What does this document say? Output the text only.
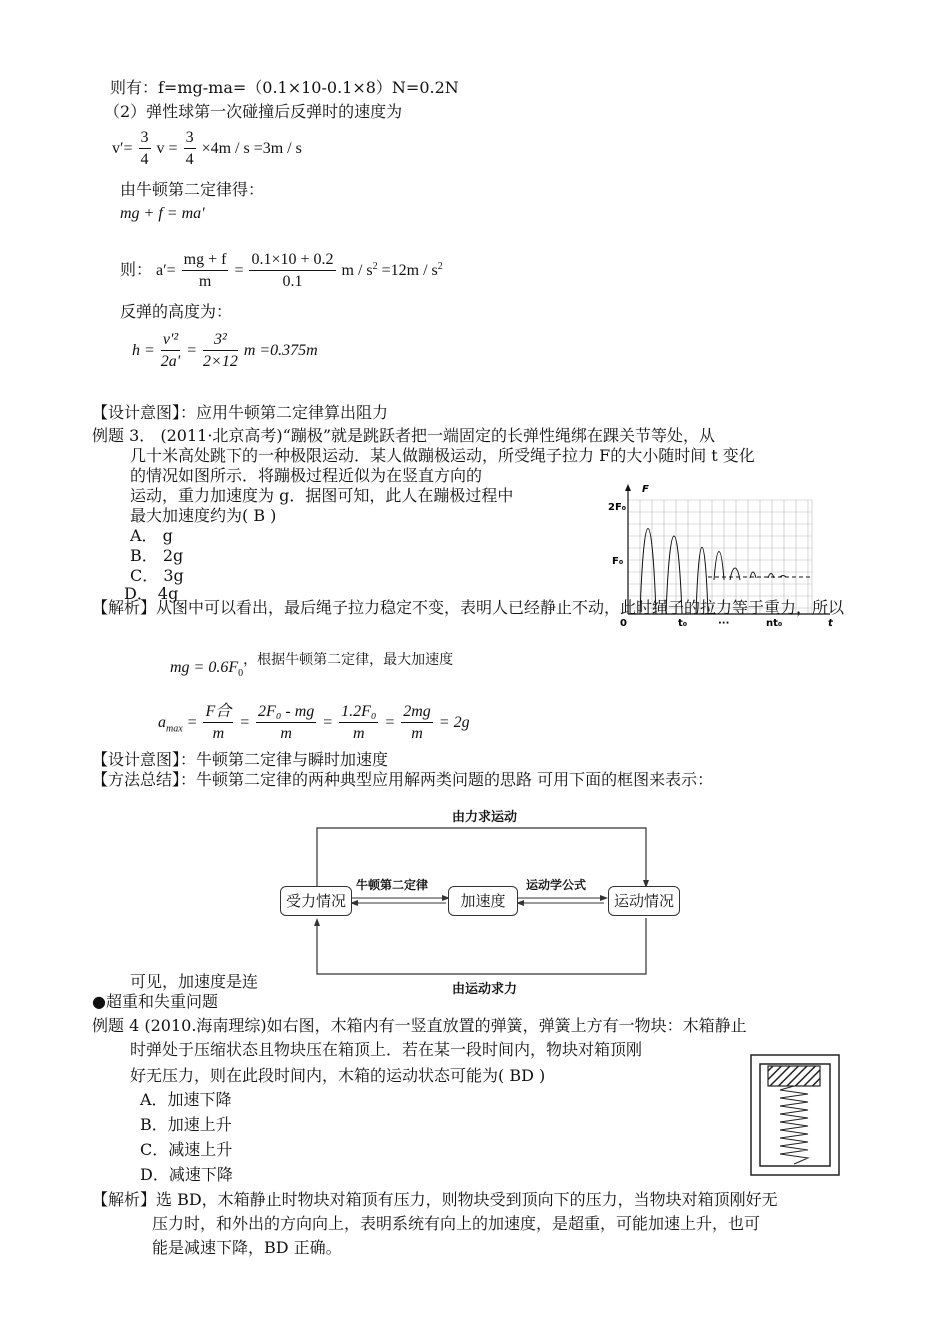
则有：f=mg-ma=（0.1×10-0.1×8）N=0.2N
（2）弹性球第一次碰撞后反弹时的速度为
$v'= \frac{3}{4}$ $v = \frac{3}{4} \times 4m / s =3m / s$
由牛顿第二定律得：
mg + f = ma'
则： $a'= \frac{mg + f}{m} = \frac{0.1\times 10 + 0.2}{0.1}$ $m / s^2 =12m / s^2$
反弹的高度为：
$h = \frac{\text{v'²}}{2a'} = \frac{\text{3²}}{2\times 12}$ m =0.375m
【设计意图】：应用牛顿第二定律算出阻力
例题 3． (2011·北京高考)“蹦极”就是跳跃者把一端固定的长弹性绳绑在踝关节等处，从
几十米高处跳下的一种极限运动．某人做蹦极运动，所受绳子拉力 F的大小随时间 t 变化
的情况如图所示．将蹦极过程近似为在竖直方向的
运动，重力加速度为 g．据图可知，此人在蹦极过程中
最大加速度约为( B )
A． g
B． 2g
C． 3g
D． 4g
F
2F₀
F₀
0	t₀	···	nt₀	t
【解析】从图中可以看出，最后绳子拉力稳定不变，表明人已经静止不动，此时绳子的拉力等于重力，所以
mg = $0.6F_0$，根据牛顿第二定律，最大加速度
$a_{max} = \frac{\text{F合}}{m} = \frac{\text{2F₀ - mg}}{m} = \frac{\text{1.2F₀}}{m} = \frac{2mg}{m} = 2g$
【设计意图】：牛顿第二定律与瞬时加速度
【方法总结】：牛顿第二定律的两种典型应用解两类问题的思路 可用下面的框图来表示：
由力求运动
由运动求力
受力情况	加速度	运动情况
牛顿第二定律	运动学公式
可见，加速度是连
●超重和失重问题
例题 4 (2010.海南理综)如右图，木箱内有一竖直放置的弹簧，弹簧上方有一物块：木箱静止
时弹处于压缩状态且物块压在箱顶上．若在某一段时间内，物块对箱顶刚
好无压力，则在此段时间内，木箱的运动状态可能为( BD )
A．加速下降
B．加速上升
C．减速上升
D．减速下降
【解析】选 BD，木箱静止时物块对箱顶有压力，则物块受到顶向下的压力，当物块对箱顶刚好无
压力时，和外出的方向向上，表明系统有向上的加速度，是超重，可能加速上升，也可
能是减速下降，BD 正确。
